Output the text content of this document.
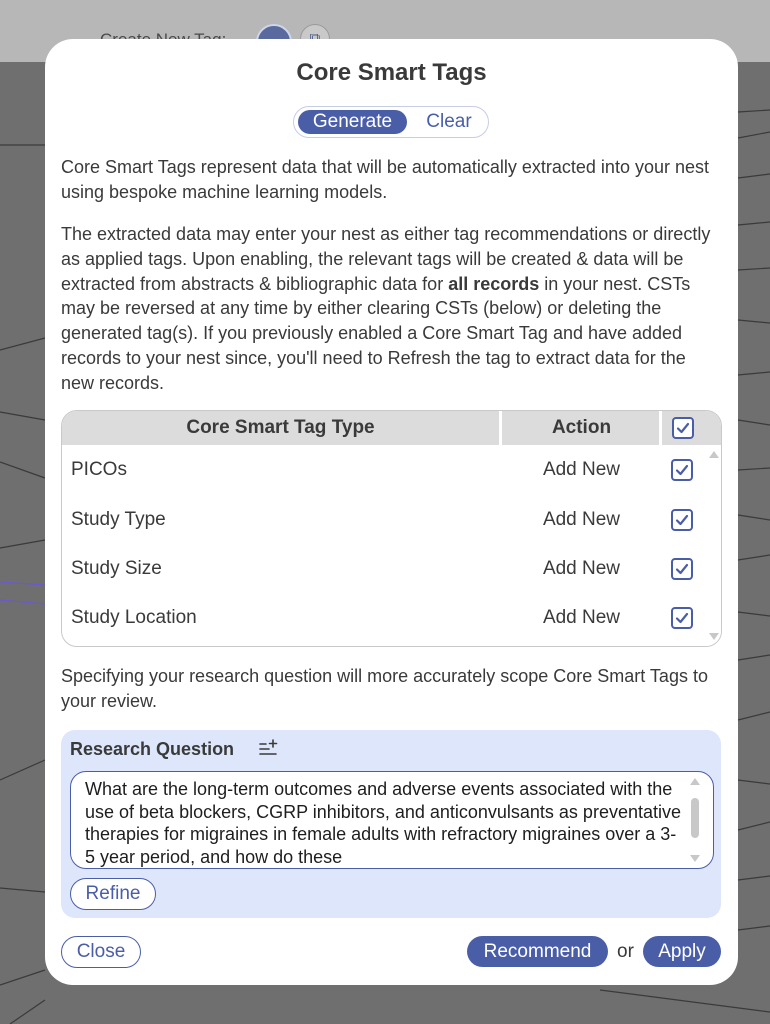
Core Smart Tags
Generate	Clear
Core Smart Tags represent data that will be automatically extracted into your nest using bespoke machine learning models.
The extracted data may enter your nest as either tag recommendations or directly as applied tags. Upon enabling, the relevant tags will be created & data will be extracted from abstracts & bibliographic data for all records in your nest. CSTs may be reversed at any time by either clearing CSTs (below) or deleting the generated tag(s). If you previously enabled a Core Smart Tag and have added records to your nest since, you'll need to Refresh the tag to extract data for the new records.
Core Smart Tag Type	Action
PICOs	Add New
Study Type	Add New
Study Size	Add New
Study Location	Add New
Specifying your research question will more accurately scope Core Smart Tags to your review.
Research Question
What are the long-term outcomes and adverse events associated with the use of beta blockers, CGRP inhibitors, and anticonvulsants as preventative therapies for migraines in female adults with refractory migraines over a 3-5 year period, and how do these
Refine
Close	Recommend	or	Apply
